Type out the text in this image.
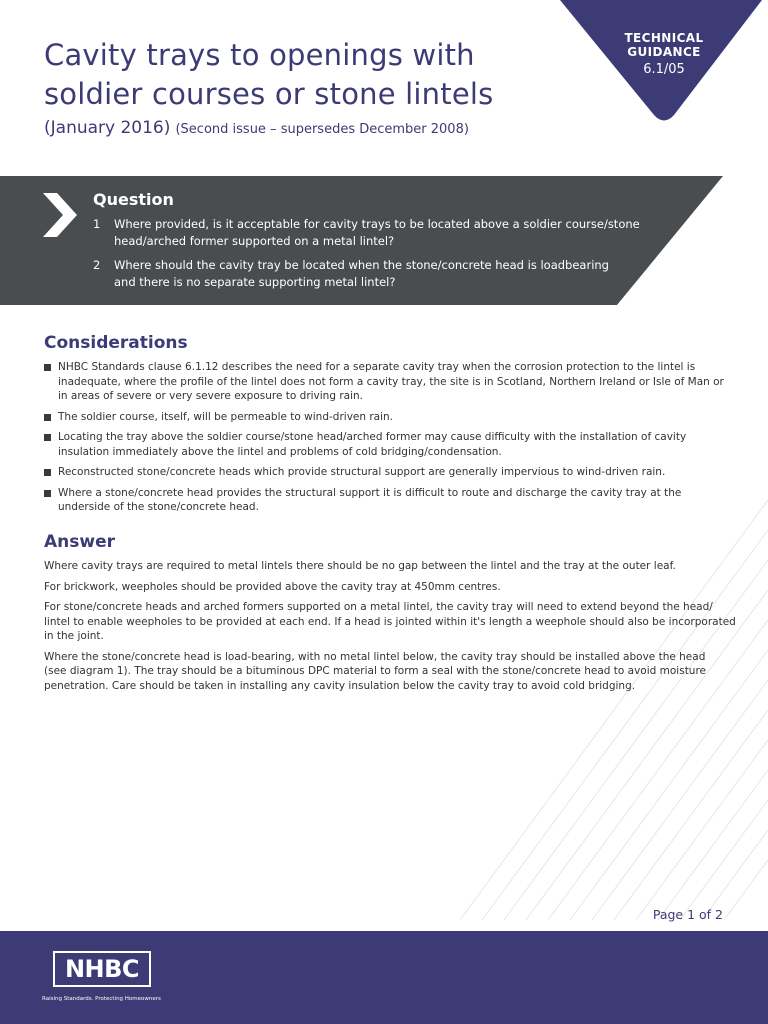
Cavity trays to openings with
soldier courses or stone lintels
(January 2016) (Second issue – supersedes December 2008)
TECHNICAL
GUIDANCE
6.1/05
Question
1 Where provided, is it acceptable for cavity trays to be located above a soldier course/stone
head/arched former supported on a metal lintel?
2 Where should the cavity tray be located when the stone/concrete head is loadbearing
and there is no separate supporting metal lintel?
Considerations
NHBC Standards clause 6.1.12 describes the need for a separate cavity tray when the corrosion protection to the lintel is
inadequate, where the profile of the lintel does not form a cavity tray, the site is in Scotland, Northern Ireland or Isle of Man or
in areas of severe or very severe exposure to driving rain.
The soldier course, itself, will be permeable to wind-driven rain.
Locating the tray above the soldier course/stone head/arched former may cause difficulty with the installation of cavity
insulation immediately above the lintel and problems of cold bridging/condensation.
Reconstructed stone/concrete heads which provide structural support are generally impervious to wind-driven rain.
Where a stone/concrete head provides the structural support it is difficult to route and discharge the cavity tray at the
underside of the stone/concrete head.
Answer

Where cavity trays are required to metal lintels there should be no gap between the lintel and the tray at the outer leaf.

For brickwork, weepholes should be provided above the cavity tray at 450mm centres.

For stone/concrete heads and arched formers supported on a metal lintel, the cavity tray will need to extend beyond the head/
lintel to enable weepholes to be provided at each end. If a head is jointed within it's length a weephole should also be incorporated
in the joint.

Where the stone/concrete head is load-bearing, with no metal lintel below, the cavity tray should be installed above the head
(see diagram 1). The tray should be a bituminous DPC material to form a seal with the stone/concrete head to avoid moisture
penetration. Care should be taken in installing any cavity insulation below the cavity tray to avoid cold bridging.

Page 1 of 2
NHBC
Raising Standards. Protecting Homeowners
